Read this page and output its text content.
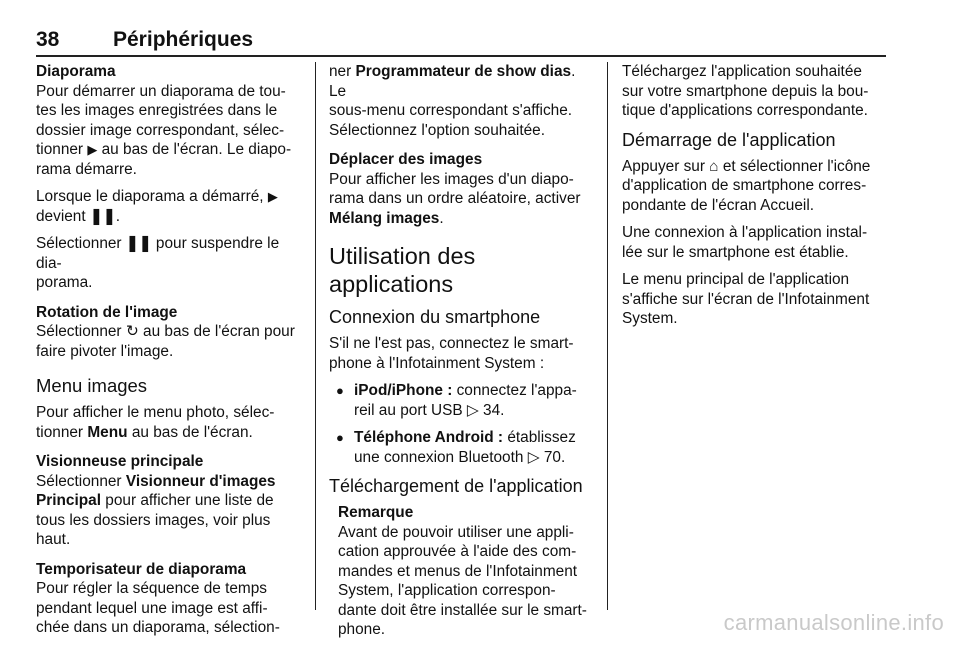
38	Périphériques

Diaporama

Pour démarrer un diaporama de tou-
tes les images enregistrées dans le
dossier image correspondant, sélec-
tionner ▶ au bas de l'écran. Le diapo-
rama démarre.

Lorsque le diaporama a démarré, ▶
devient ❚❚.

Sélectionner ❚❚ pour suspendre le dia-
porama.

Rotation de l'image

Sélectionner ↻ au bas de l'écran pour
faire pivoter l'image.

Menu images

Pour afficher le menu photo, sélec-
tionner Menu au bas de l'écran.

Visionneuse principale

Sélectionner Visionneur d'images
Principal pour afficher une liste de
tous les dossiers images, voir plus
haut.

Temporisateur de diaporama

Pour régler la séquence de temps
pendant lequel une image est affi-
chée dans un diaporama, sélection-

ner Programmateur de show dias. Le
sous-menu correspondant s'affiche.
Sélectionnez l'option souhaitée.

Déplacer des images

Pour afficher les images d'un diapo-
rama dans un ordre aléatoire, activer
Mélang images.

Utilisation des applications
Connexion du smartphone

S'il ne l'est pas, connectez le smart-
phone à l'Infotainment System :

● iPod/iPhone : connectez l'appa-
reil au port USB ▷ 34.
● Téléphone Android : établissez
une connexion Bluetooth ▷ 70.
Téléchargement de l'application

Remarque

Avant de pouvoir utiliser une appli-
cation approuvée à l'aide des com-
mandes et menus de l'Infotainment
System, l'application correspon-
dante doit être installée sur le smart-
phone.

Téléchargez l'application souhaitée
sur votre smartphone depuis la bou-
tique d'applications correspondante.

Démarrage de l'application

Appuyer sur ⌂ et sélectionner l'icône
d'application de smartphone corres-
pondante de l'écran Accueil.

Une connexion à l'application instal-
lée sur le smartphone est établie.

Le menu principal de l'application
s'affiche sur l'écran de l'Infotainment
System.

carmanualsonline.info
